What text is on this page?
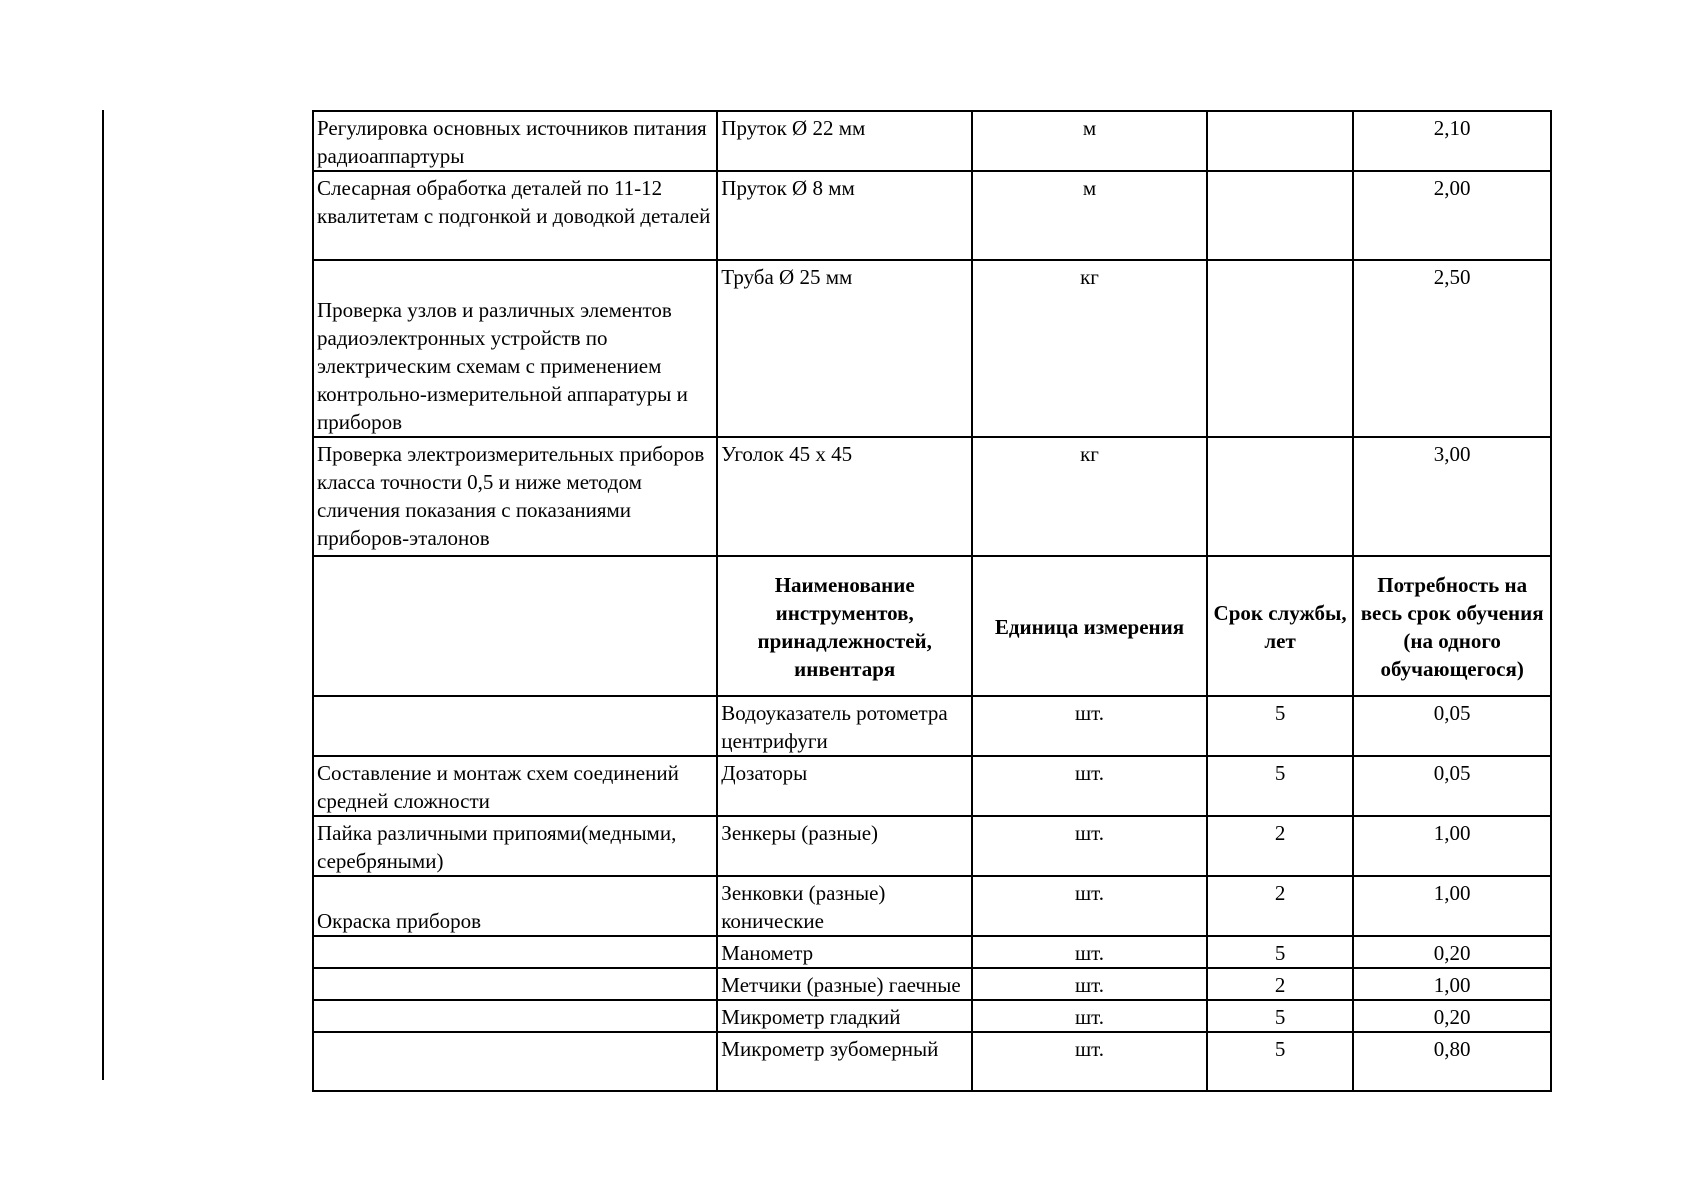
Регулировка основных источников питания радиоаппартуры	Пруток Ø 22 мм	м		2,10
Слесарная обработка деталей по 11-12 квалитетам с подгонкой и доводкой деталей	Пруток Ø 8 мм	м		2,00
Проверка узлов и различных элементов радиоэлектронных устройств по электрическим схемам с применением контрольно-измерительной аппаратуры и приборов	Труба Ø 25 мм	кг		2,50
Проверка электроизмерительных приборов класса точности 0,5 и ниже методом сличения показания с показаниями приборов-эталонов	Уголок 45 х 45	кг		3,00
	Наименование инструментов, принадлежностей, инвентаря	Единица измерения	Срок службы, лет	Потребность на весь срок обучения (на одного обучающегося)
	Водоуказатель ротометра центрифуги	шт.	5	0,05
Составление и монтаж схем соединений средней сложности	Дозаторы	шт.	5	0,05
Пайка различными припоями(медными, серебряными)	Зенкеры (разные)	шт.	2	1,00
Окраска приборов	Зенковки (разные) конические	шт.	2	1,00
	Манометр	шт.	5	0,20
	Метчики (разные) гаечные	шт.	2	1,00
	Микрометр гладкий	шт.	5	0,20
	Микрометр зубомерный	шт.	5	0,80
